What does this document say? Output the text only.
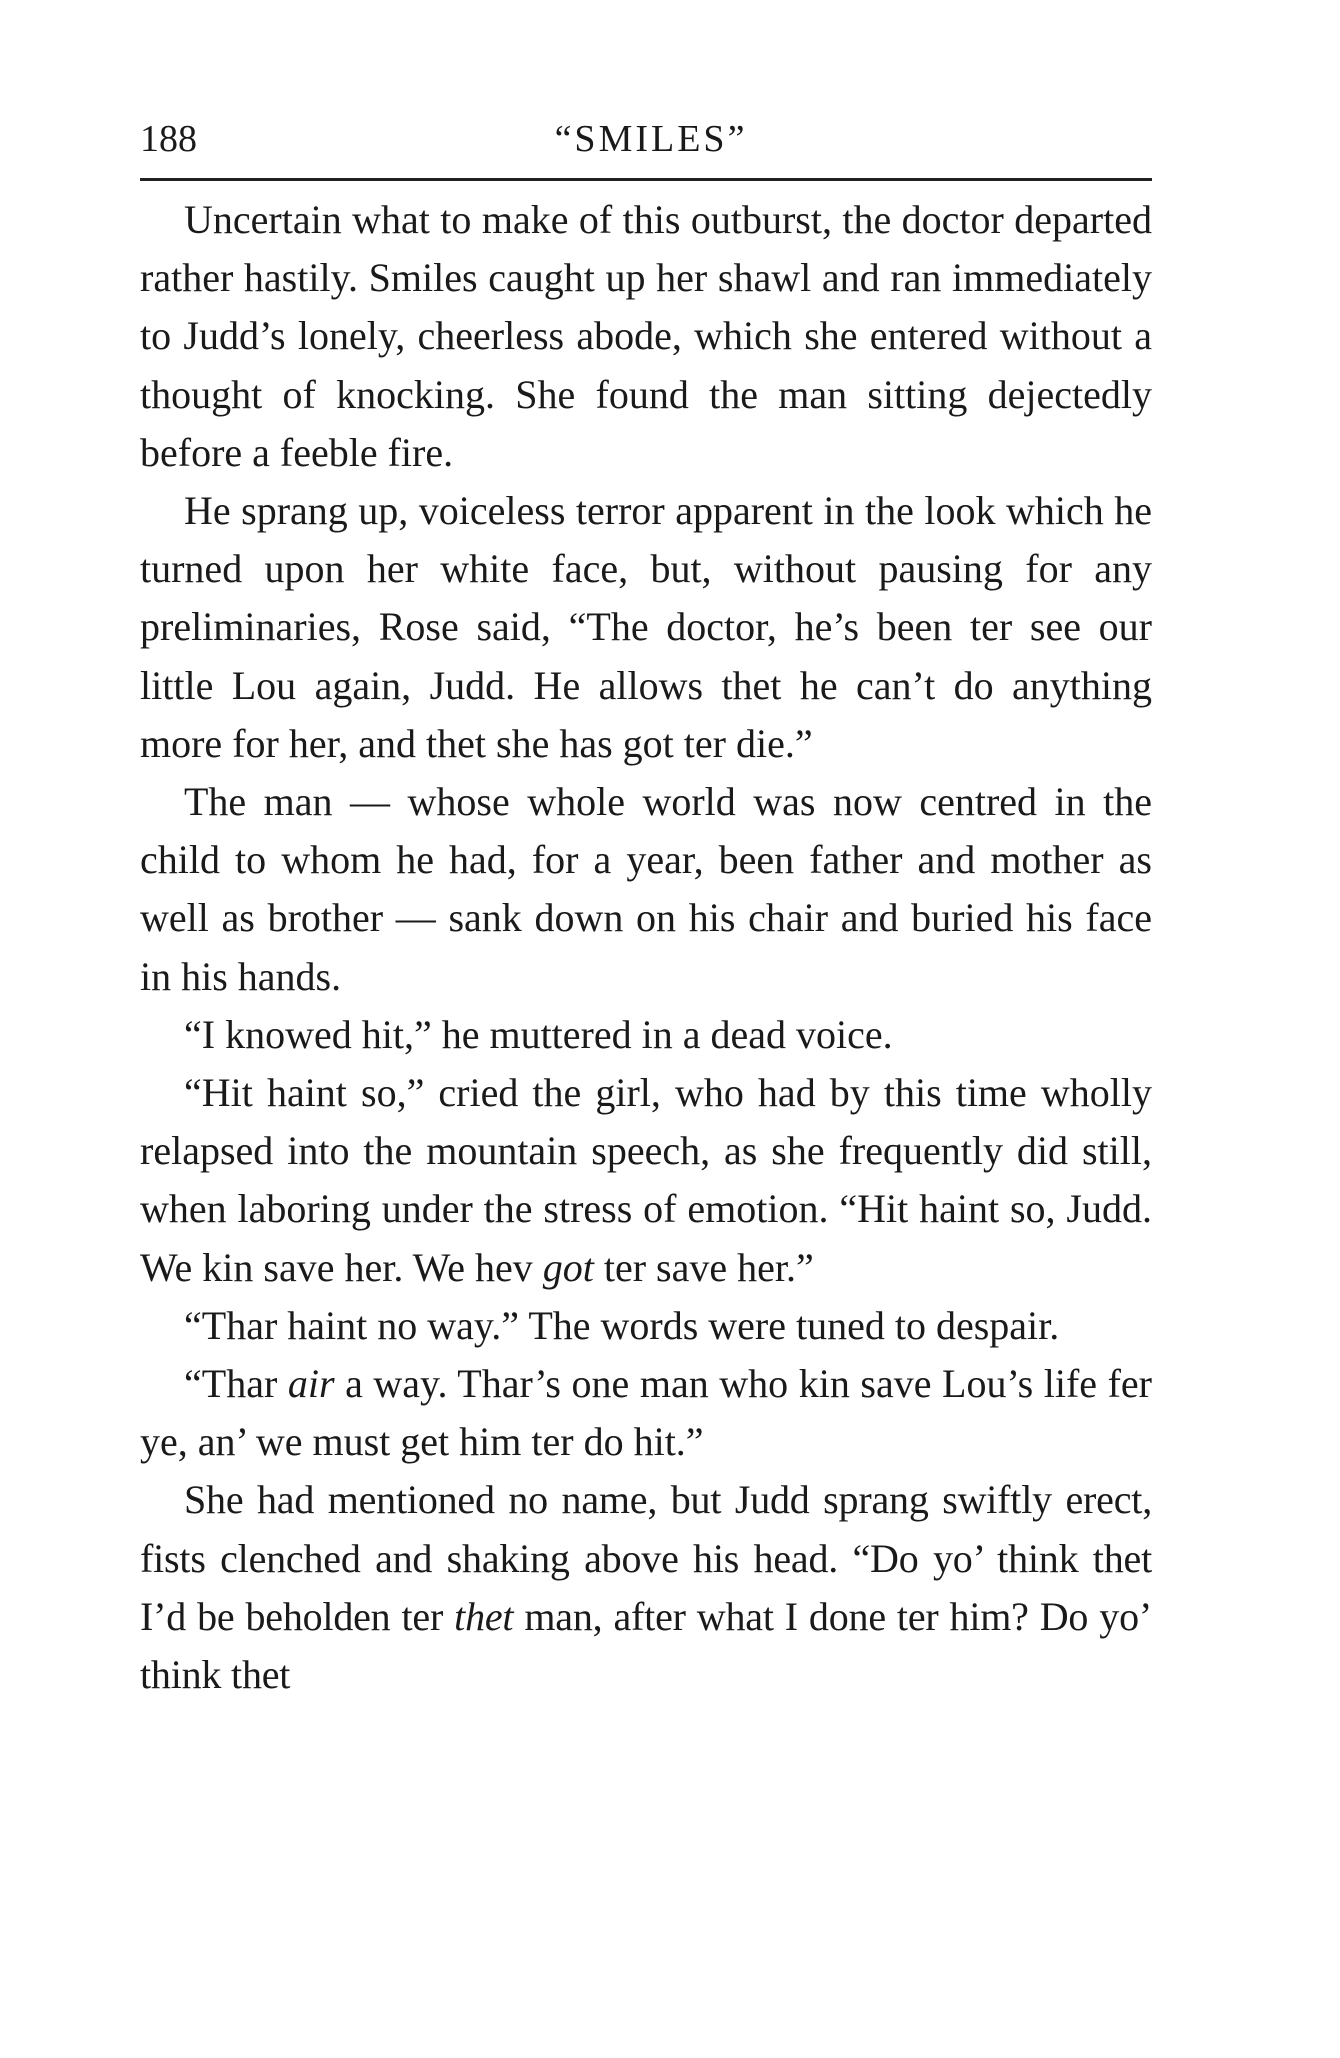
188	“SMILES”

Uncertain what to make of this outburst, the doctor departed rather hastily. Smiles caught up her shawl and ran immediately to Judd’s lonely, cheerless abode, which she entered without a thought of knocking. She found the man sitting dejectedly before a feeble fire.

He sprang up, voiceless terror apparent in the look which he turned upon her white face, but, without pausing for any preliminaries, Rose said, “The doctor, he’s been ter see our little Lou again, Judd. He allows thet he can’t do anything more for her, and thet she has got ter die.”

The man — whose whole world was now centred in the child to whom he had, for a year, been father and mother as well as brother — sank down on his chair and buried his face in his hands.

“I knowed hit,” he muttered in a dead voice.

“Hit haint so,” cried the girl, who had by this time wholly relapsed into the mountain speech, as she frequently did still, when laboring under the stress of emotion. “Hit haint so, Judd. We kin save her. We hev got ter save her.”

“Thar haint no way.” The words were tuned to despair.

“Thar air a way. Thar’s one man who kin save Lou’s life fer ye, an’ we must get him ter do hit.”

She had mentioned no name, but Judd sprang swiftly erect, fists clenched and shaking above his head. “Do yo’ think thet I’d be beholden ter thet man, after what I done ter him? Do yo’ think thet
